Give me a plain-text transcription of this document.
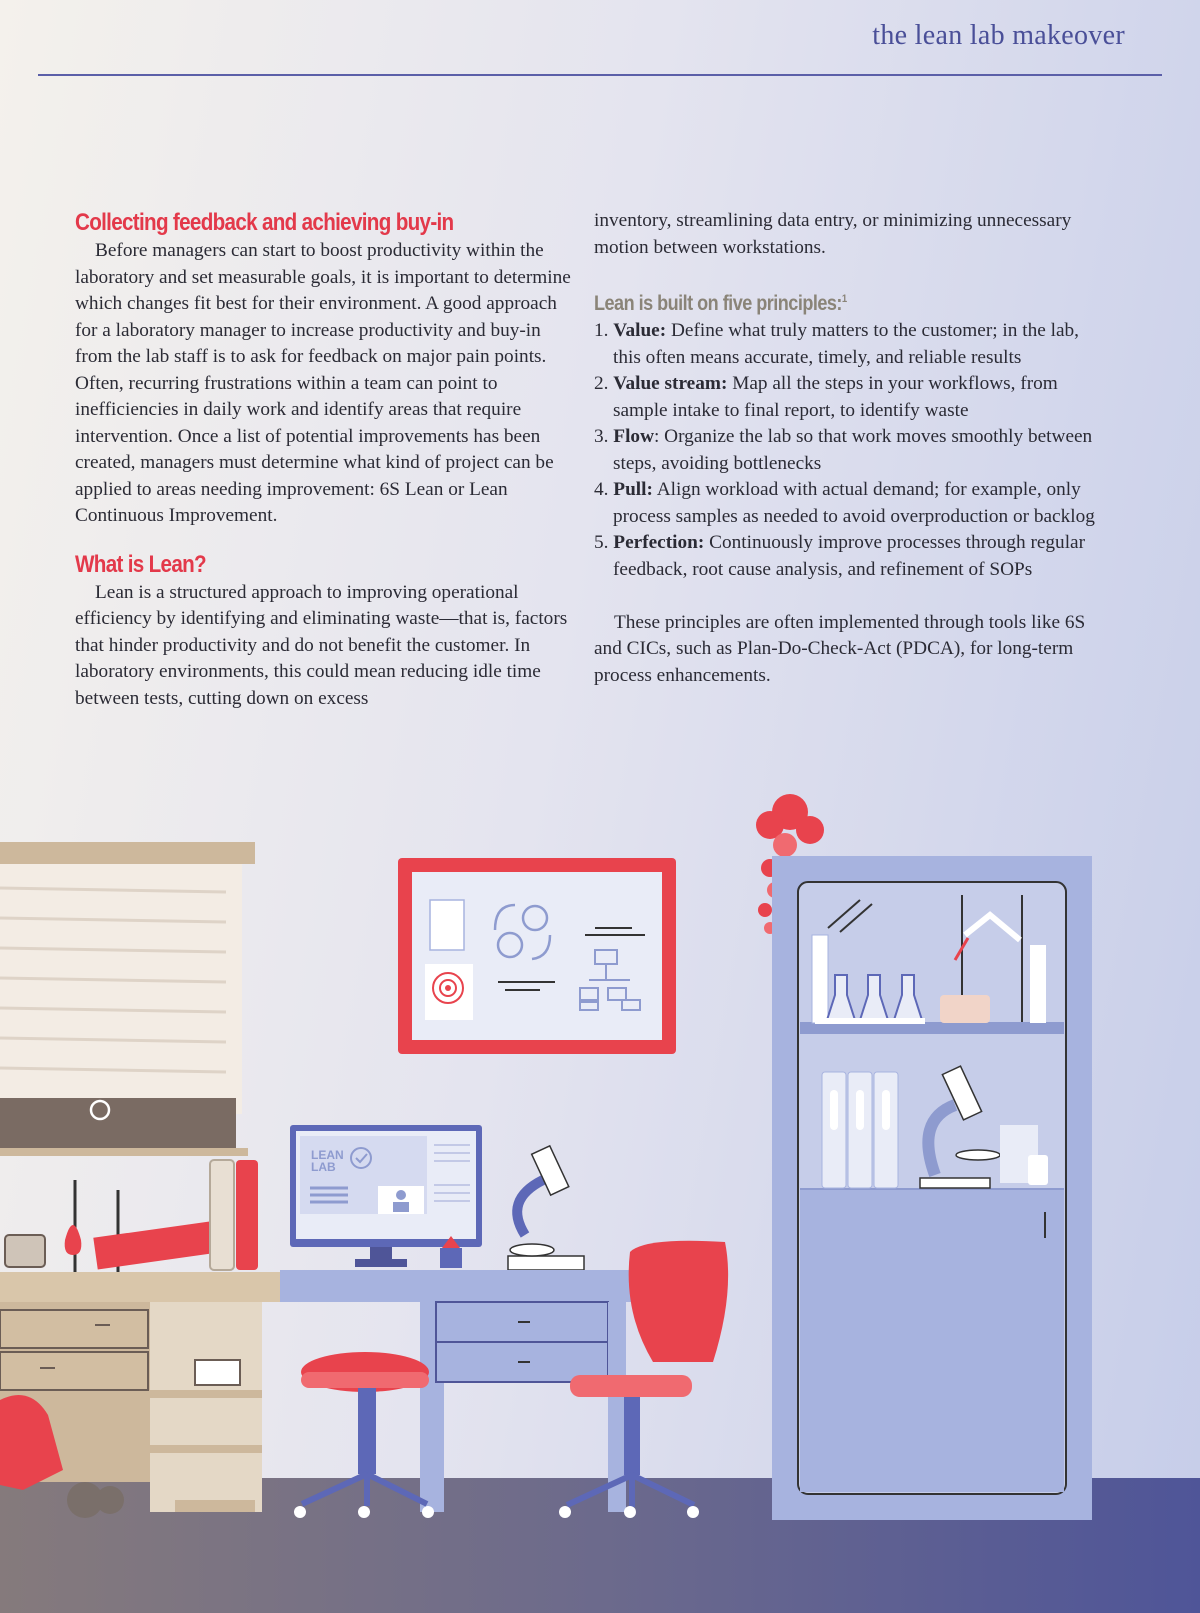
the lean lab makeover
Collecting feedback and achieving buy-in

Before managers can start to boost productivity within the laboratory and set measurable goals, it is important to determine which changes fit best for their environment. A good approach for a laboratory manager to increase productivity and buy-in from the lab staff is to ask for feedback on major pain points. Often, recurring frustrations within a team can point to inefficiencies in daily work and identify areas that require intervention. Once a list of potential improvements has been created, managers must determine what kind of project can be applied to areas needing improvement: 6S Lean or Lean Continuous Improvement.

What is Lean?

Lean is a structured approach to improving operational efficiency by identifying and eliminating waste—that is, factors that hinder productivity and do not benefit the customer. In laboratory environments, this could mean reducing idle time between tests, cutting down on excess

inventory, streamlining data entry, or minimizing unnecessary motion between workstations.

Lean is built on five principles:$^1$
1. Value: Define what truly matters to the customer; in the lab, this often means accurate, timely, and reliable results
2. Value stream: Map all the steps in your workflows, from sample intake to final report, to identify waste
3. Flow: Organize the lab so that work moves smoothly between steps, avoiding bottlenecks
4. Pull: Align workload with actual demand; for example, only process samples as needed to avoid overproduction or backlog
5. Perfection: Continuously improve processes through regular feedback, root cause analysis, and refinement of SOPs

These principles are often implemented through tools like 6S and CICs, such as Plan-Do-Check-Act (PDCA), for long-term process enhancements.

LEAN
LAB
